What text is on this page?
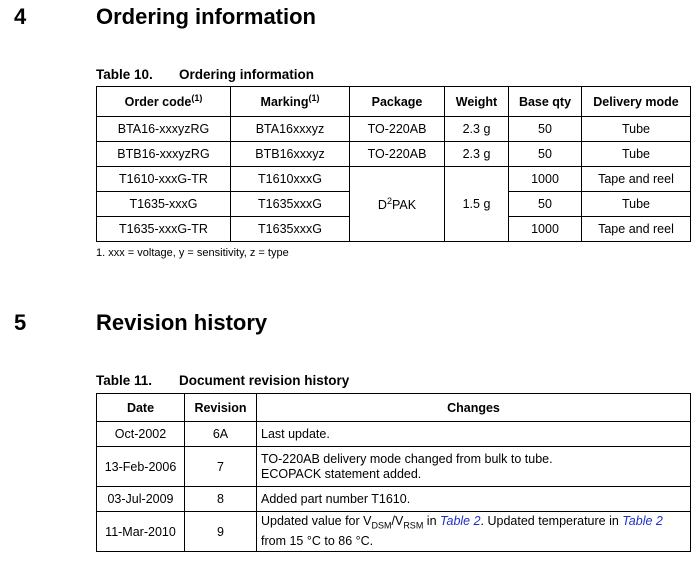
4	Ordering information
Table 10. Ordering information
Order code$^{(1)}$	Marking$^{(1)}$	Package	Weight	Base qty	Delivery mode
BTA16-xxxyzRG	BTA16xxxyz	TO-220AB	2.3 g	50	Tube
BTB16-xxxyzRG	BTB16xxxyz	TO-220AB	2.3 g	50	Tube
T1610-xxxG-TR	T1610xxxG	$D^2PAK$	1.5 g	1000	Tape and reel
T1635-xxxG	T1635xxxG			50	Tube
T1635-xxxG-TR	T1635xxxG			1000	Tape and reel
1. xxx = voltage, y = sensitivity, z = type
5	Revision history
Table 11. Document revision history
Date	Revision	Changes
Oct-2002	6A	Last update.
13-Feb-2006	7	TO-220AB delivery mode changed from bulk to tube.
ECOPACK statement added.

03-Jul-2009	8	Added part number T1610.
11-Mar-2010	9	Updated value for $V_{DSM}/V_{RSM}$ in Table 2. Updated temperature in Table 2
from 15 °C to 86 °C.
